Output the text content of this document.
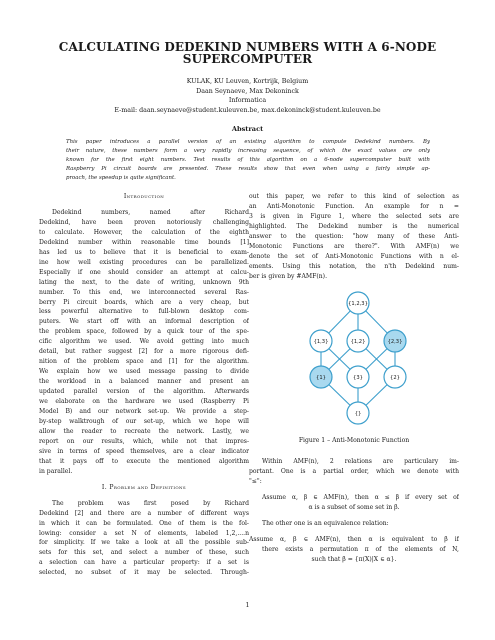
CALCULATING DEDEKIND NUMBERS WITH A 6-NODE
SUPERCOMPUTER
KULAK, KU Leuven, Kortrijk, Belgium
Daan Seynaeve, Max Dekoninck
Informatica
E-mail: daan.seynaeve@student.kuleuven.be, max.dekoninck@student.kuleuven.be
Abstract
This paper introduces a parallel version of an existing algorithm to compute Dedekind numbers. By
their nature, these numbers form a very rapidly increasing sequence, of which the exact values are only
known for the first eight numbers. Test results of this algorithm on a 6-node supercomputer built with
Raspberry Pi circuit boards are presented. These results show that even when using a fairly simple ap-
proach, the speedup is quite significant.
Introduction

Dedekind numbers, named after Richard
Dedekind, have been proven notoriously challenging
to calculate. However, the calculation of the eighth
Dedekind number within reasonable time bounds [1]
has led us to believe that it is beneficial to exam-
ine how well existing procedures can be parallelized.
Especially if one should consider an attempt at calcu-
lating the next, to the date of writing, unknown 9th
number. To this end, we interconnected several Ras-
berry Pi circuit boards, which are a very cheap, but
less powerful alternative to full-blown desktop com-
puters. We start off with an informal description of
the problem space, followed by a quick tour of the spe-
cific algorithm we used. We avoid getting into much
detail, but rather suggest [2] for a more rigorous defi-
nition of the problem space and [1] for the algorithm.
We explain how we used message passing to divide
the workload in a balanced manner and present an
updated parallel version of the algorithm. Afterwards
we elaborate on the hardware we used (Raspberry Pi
Model B) and our network set-up. We provide a step-
by-step walktrough of our set-up, which we hope will
allow the reader to recreate the network. Lastly, we
report on our results, which, while not that impres-
sive in terms of speed themselves, are a clear indicator
that it pays off to execute the mentioned algorithm
in parallel.

I. Problem and Definitions

The problem was first posed by Richard
Dedekind [2] and there are a number of different ways
in which it can be formulated. One of them is the fol-
lowing: consider a set N of elements, labeled 1,2,....n
for simplicity. If we take a look at all the possible sub-
sets for this set, and select a number of these, such
a selection can have a particular property: if a set is
selected, no subset of it may be selected. Through-
out this paper, we refer to this kind of selection as
an Anti-Monotonic Function. An example for n =
3 is given in Figure 1, where the selected sets are
highlighted. The Dedekind number is the numerical
answer to the question: "how many of these Anti-
Monotonic Functions are there?". With AMF(n) we
denote the set of Anti-Monotonic Functions with n el-
ements. Using this notation, the n'th Dedekind num-
ber is given by #AMF(n).
{1,2,3}
{1,3}	{1,2}	{2,3}
{1}	{3}	{2}
{}
Figure 1 – Anti-Monotonic Function
Within AMF(n), 2 relations are particulary im-
portant. One is a partial order, which we denote with
"≤":

Assume α, β ∈ AMF(n), then α ≤ β if every set of
α is a subset of some set in β.

The other one is an equivalence relation:

Assume α, β ∈ AMF(n), then α is equivalent to β if
there exists a permutation π of the elements of N,
such that β = {π(X)|X ∈ α}.
1
